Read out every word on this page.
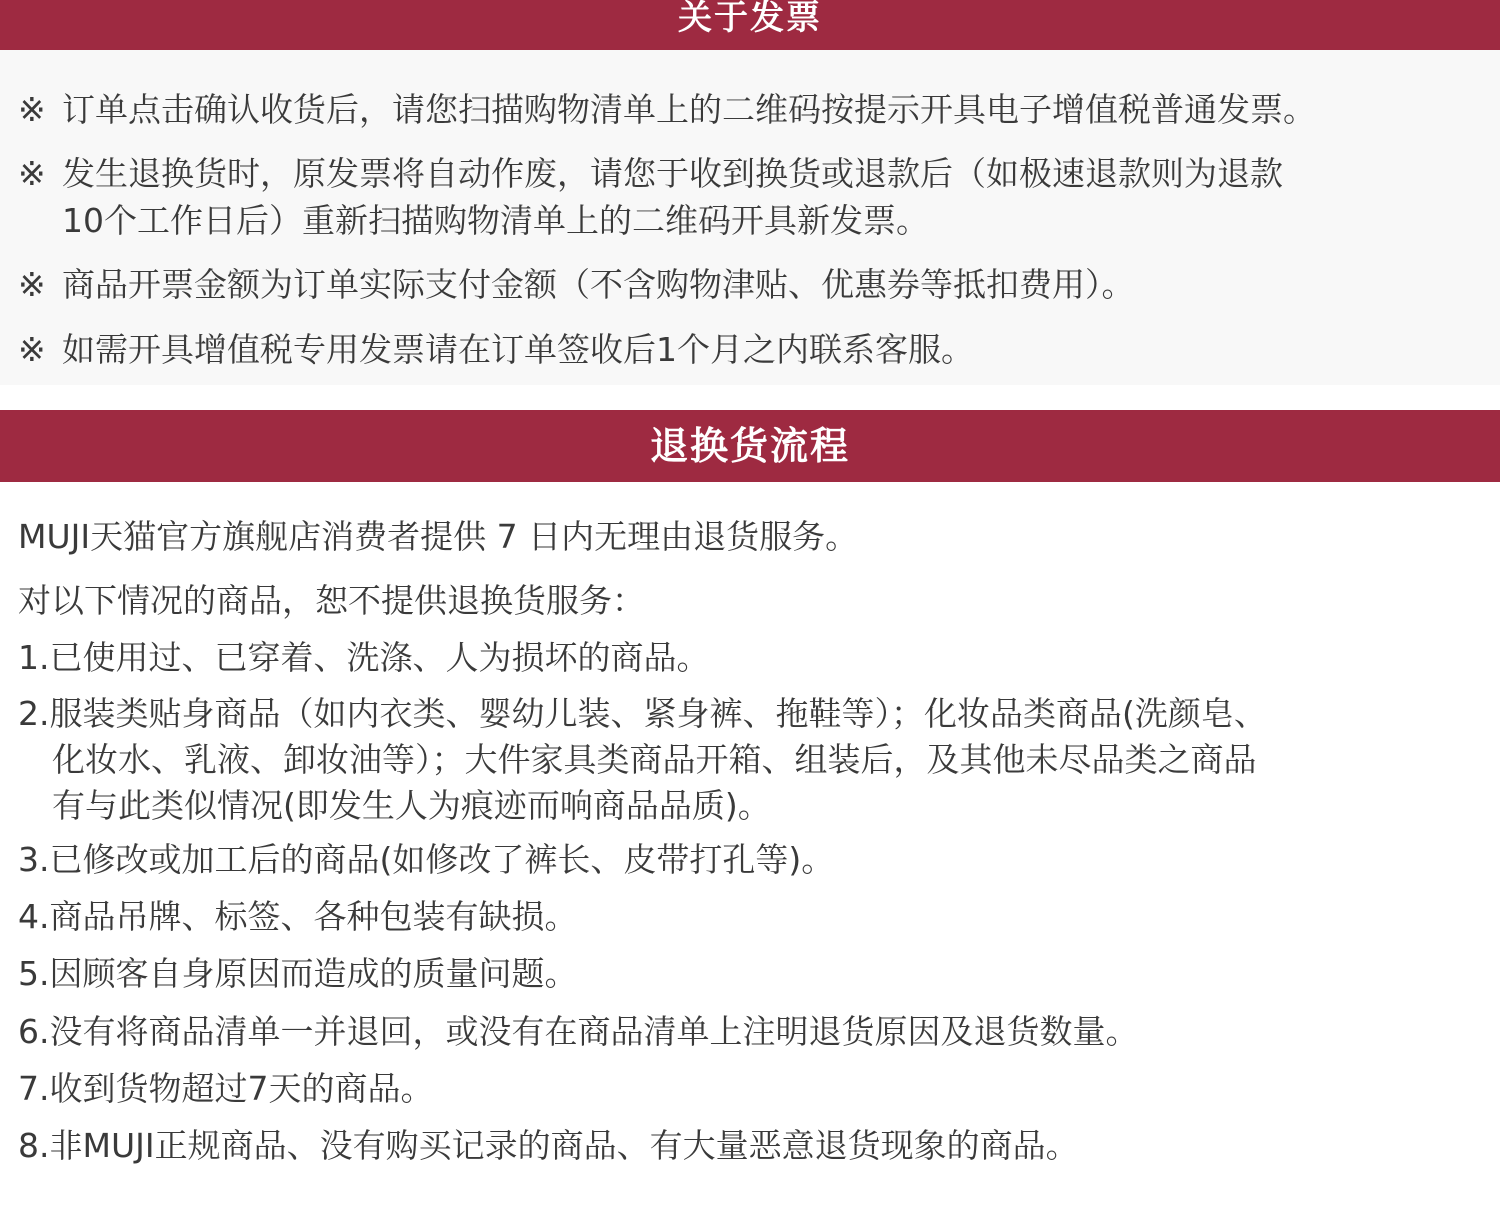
※ 订单点击确认收货后，请您扫描购物清单上的二维码按提示开具电子增值税普通发票。
※ 发生退换货时，原发票将自动作废，请您于收到换货或退款后（如极速退款则为退款
10个工作日后）重新扫描购物清单上的二维码开具新发票。
※ 商品开票金额为订单实际支付金额（不含购物津贴、优惠券等抵扣费用）。
※ 如需开具增值税专用发票请在订单签收后1个月之内联系客服。
关于发票
退换货流程
MUJI天猫官方旗舰店消费者提供 7 日内无理由退货服务。
对以下情况的商品，恕不提供退换货服务：
1.已使用过、已穿着、洗涤、人为损坏的商品。
2.服装类贴身商品（如内衣类、婴幼儿装、紧身裤、拖鞋等）；化妆品类商品(洗颜皂、
化妆水、乳液、卸妆油等）；大件家具类商品开箱、组装后，及其他未尽品类之商品
有与此类似情况(即发生人为痕迹而响商品品质)。
3.已修改或加工后的商品(如修改了裤长、皮带打孔等)。
4.商品吊牌、标签、各种包装有缺损。
5.因顾客自身原因而造成的质量问题。
6.没有将商品清单一并退回，或没有在商品清单上注明退货原因及退货数量。
7.收到货物超过7天的商品。
8.非MUJI正规商品、没有购买记录的商品、有大量恶意退货现象的商品。
